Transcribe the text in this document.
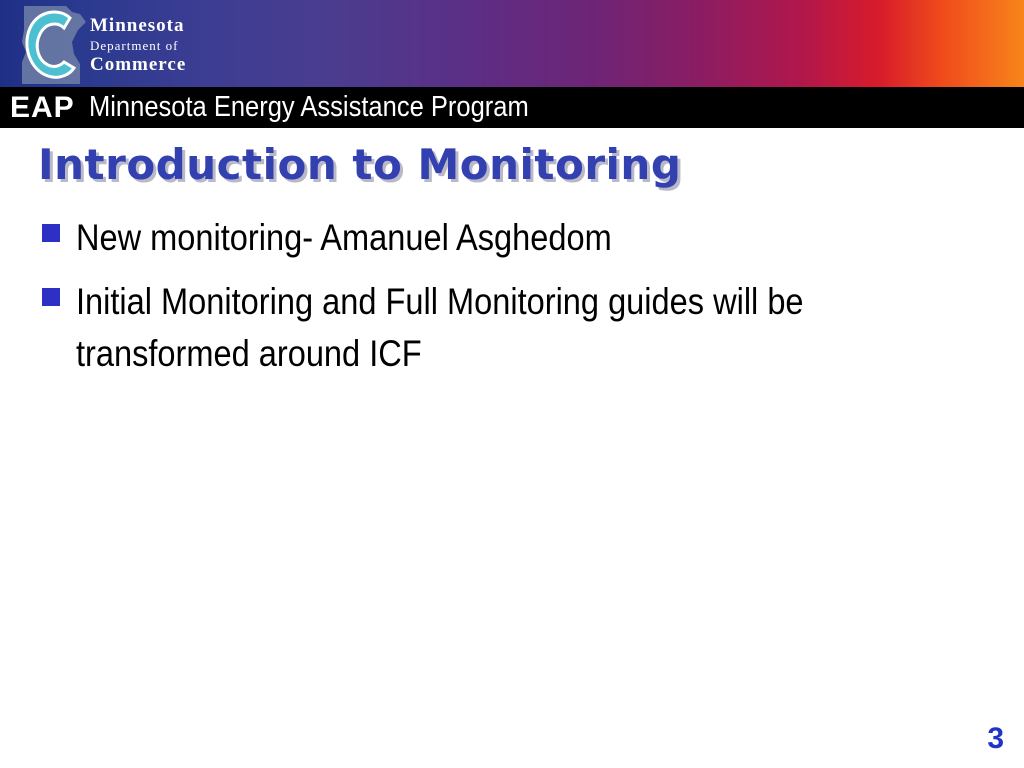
Minnesota
Department of
Commerce
EAP Minnesota Energy Assistance Program
Introduction to Monitoring
New monitoring- Amanuel Asghedom
Initial Monitoring and Full Monitoring guides will be transformed around ICF
3
